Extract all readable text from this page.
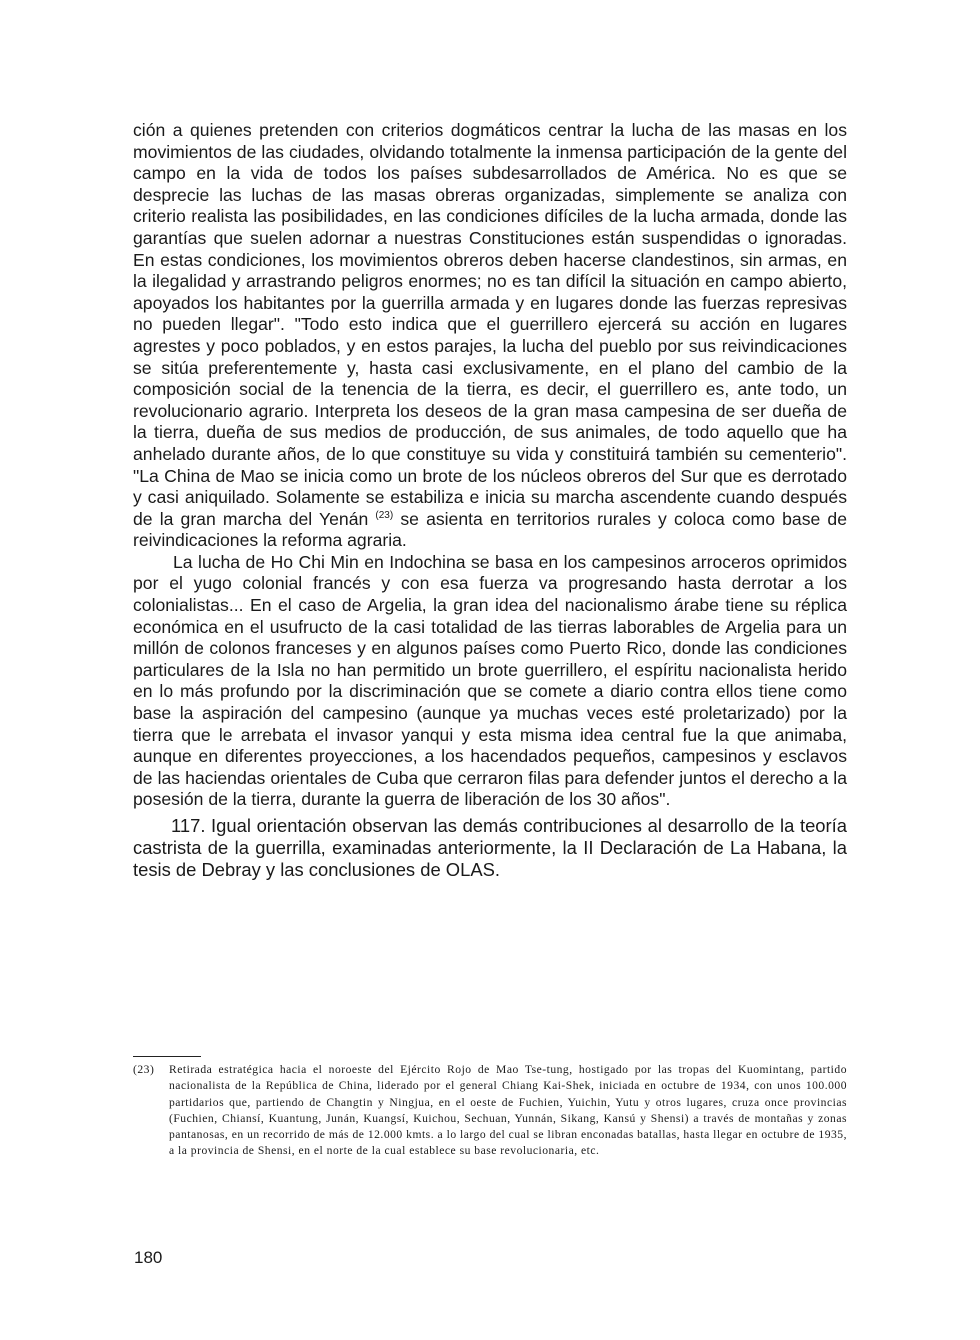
ción a quienes pretenden con criterios dogmáticos centrar la lucha de las masas en los movimientos de las ciudades, olvidando totalmente la inmensa participación de la gente del campo en la vida de todos los países subdesarrollados de América. No es que se desprecie las luchas de las masas obreras organizadas, simplemente se analiza con criterio realista las posibilidades, en las condiciones difíciles de la lucha armada, donde las garantías que suelen adornar a nuestras Constituciones están suspendidas o ignoradas. En estas condiciones, los movimientos obreros deben hacerse clandestinos, sin armas, en la ilegalidad y arrastrando peligros enormes; no es tan difícil la situación en campo abierto, apoyados los habitantes por la guerrilla armada y en lugares donde las fuerzas represivas no pueden llegar". "Todo esto indica que el guerrillero ejercerá su acción en lugares agrestes y poco poblados, y en estos parajes, la lucha del pueblo por sus reivindicaciones se sitúa preferentemente y, hasta casi exclusivamente, en el plano del cambio de la composición social de la tenencia de la tierra, es decir, el guerrillero es, ante todo, un revolucionario agrario. Interpreta los deseos de la gran masa campesina de ser dueña de la tierra, dueña de sus medios de producción, de sus animales, de todo aquello que ha anhelado durante años, de lo que constituye su vida y constituirá también su cementerio". "La China de Mao se inicia como un brote de los núcleos obreros del Sur que es derrotado y casi aniquilado. Solamente se estabiliza e inicia su marcha ascendente cuando después de la gran marcha del Yenán $^{(23)}$ se asienta en territorios rurales y coloca como base de reivindicaciones la reforma agraria.

La lucha de Ho Chi Min en Indochina se basa en los campesinos arroceros oprimidos por el yugo colonial francés y con esa fuerza va progresando hasta derrotar a los colonialistas... En el caso de Argelia, la gran idea del nacionalismo árabe tiene su réplica económica en el usufructo de la casi totalidad de las tierras laborables de Argelia para un millón de colonos franceses y en algunos países como Puerto Rico, donde las condiciones particulares de la Isla no han permitido un brote guerrillero, el espíritu nacionalista herido en lo más profundo por la discriminación que se comete a diario contra ellos tiene como base la aspiración del campesino (aunque ya muchas veces esté proletarizado) por la tierra que le arrebata el invasor yanqui y esta misma idea central fue la que animaba, aunque en diferentes proyecciones, a los hacendados pequeños, campesinos y esclavos de las haciendas orientales de Cuba que cerraron filas para defender juntos el derecho a la posesión de la tierra, durante la guerra de liberación de los 30 años".

117. Igual orientación observan las demás contribuciones al desarrollo de la teoría castrista de la guerrilla, examinadas anteriormente, la II Declaración de La Habana, la tesis de Debray y las conclusiones de OLAS.

(23)	Retirada estratégica hacia el noroeste del Ejército Rojo de Mao Tse-tung, hostigado por las tropas del Kuomintang, partido nacionalista de la República de China, liderado por el general Chiang Kai-Shek, iniciada en octubre de 1934, con unos 100.000 partidarios que, partiendo de Changtin y Ningjua, en el oeste de Fuchien, Yuichin, Yutu y otros lugares, cruza once provincias (Fuchien, Chiansí, Kuantung, Junán, Kuangsí, Kuichou, Sechuan, Yunnán, Sikang, Kansú y Shensi) a través de montañas y zonas pantanosas, en un recorrido de más de 12.000 kmts. a lo largo del cual se libran enconadas batallas, hasta llegar en octubre de 1935, a la provincia de Shensi, en el norte de la cual establece su base revolucionaria, etc.
180
